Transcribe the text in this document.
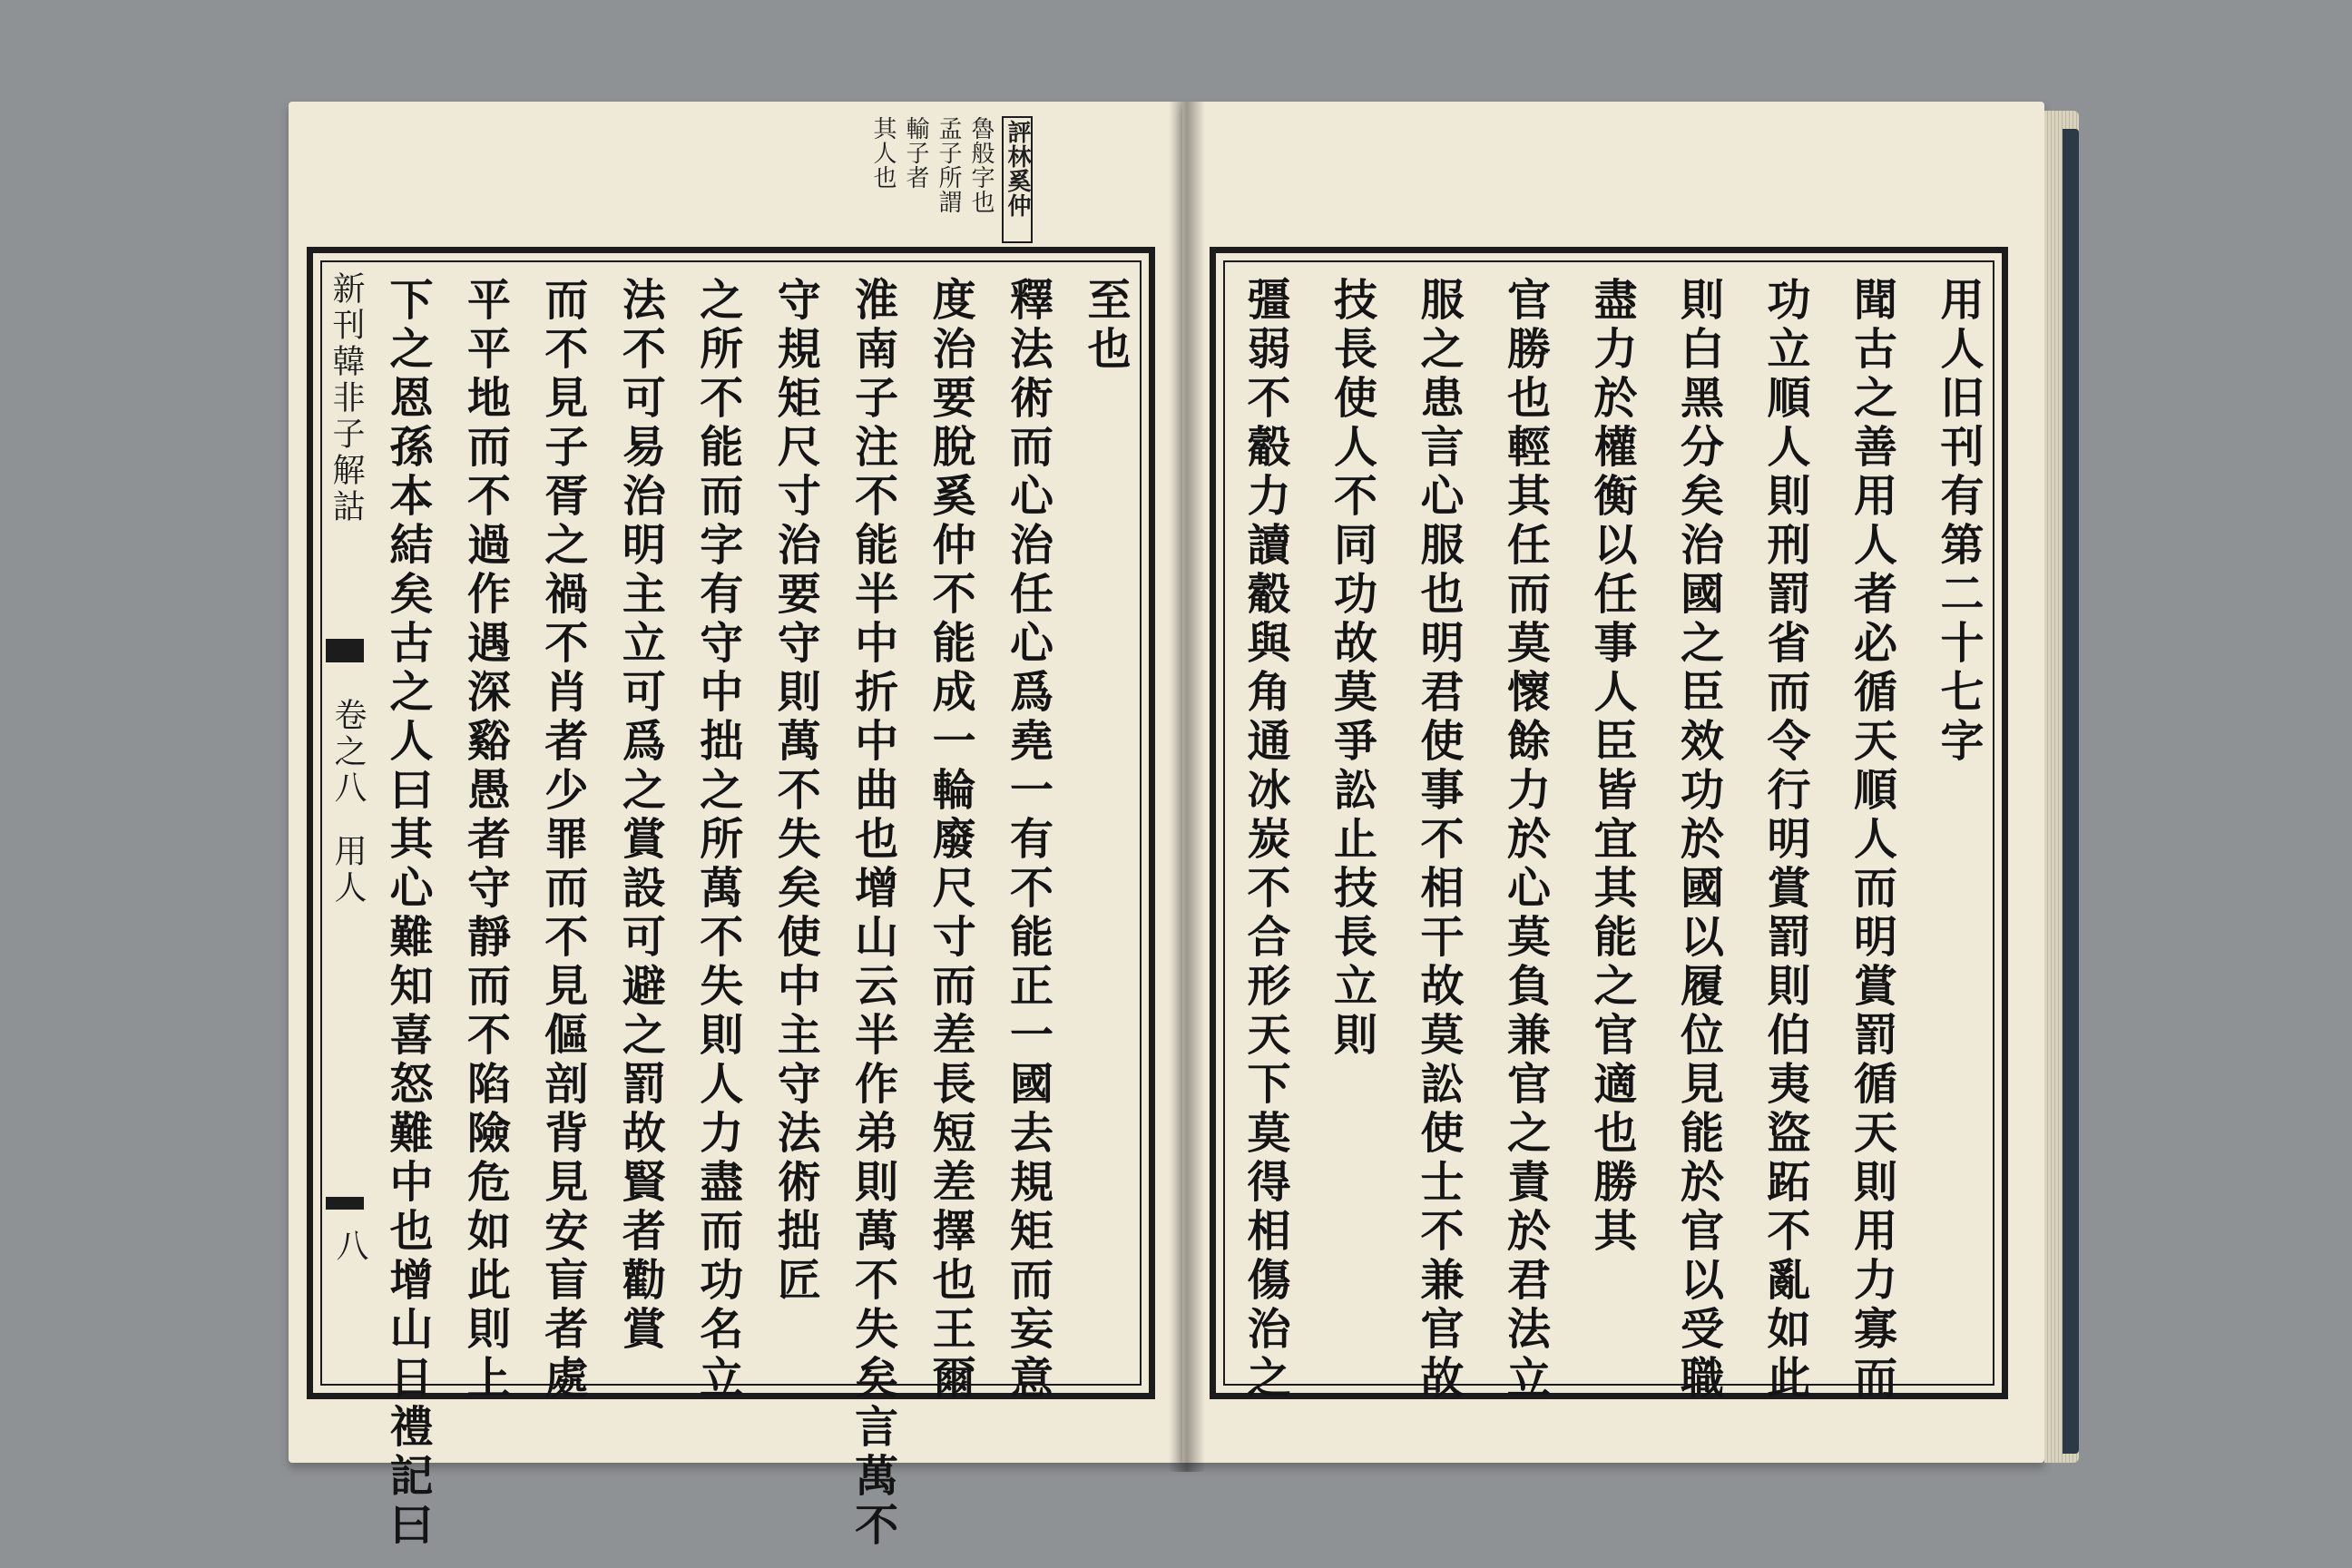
評林奚仲
魯般字也
孟子所謂
輸子者
其人也
至也
釋法術而心治任心爲堯一有不能正一國去規矩而妄意
度治要脫奚仲不能成一輪廢尺寸而差長短差擇也王爾
淮南子注不能半中折中曲也增山云半作弟則萬不失矣言萬不
守規矩尺寸治要守則萬不失矣使中主守法術拙匠
之所不能而字有守中拙之所萬不失則人力盡而功名立
法不可易治明主立可爲之賞設可避之罰故賢者勸賞
而不見子胥之禍不肖者少罪而不見傴剖背見安盲者處
平平地而不過作遇深谿愚者守靜而不陷險危如此則上
下之恩孫本結矣古之人曰其心難知喜怒難中也增山日禮記曰
新刊韓非子解詁
卷之八
用人
八
用人旧刊有第二十七字
聞古之善用人者必循天順人而明賞罰循天則用力寡而
功立順人則刑罰省而令行明賞罰則伯夷盜跖不亂如此
則白黑分矣治國之臣效功於國以履位見能於官以受職
盡力於權衡以任事人臣皆宜其能之官適也勝其
官勝也輕其任而莫懷餘力於心莫負兼官之責於君法立
服之患言心服也明君使事不相干故莫訟使士不兼官故
技長使人不同功故莫爭訟止技長立則
彊弱不觳力讀觳與角通冰炭不合形天下莫得相傷治之
